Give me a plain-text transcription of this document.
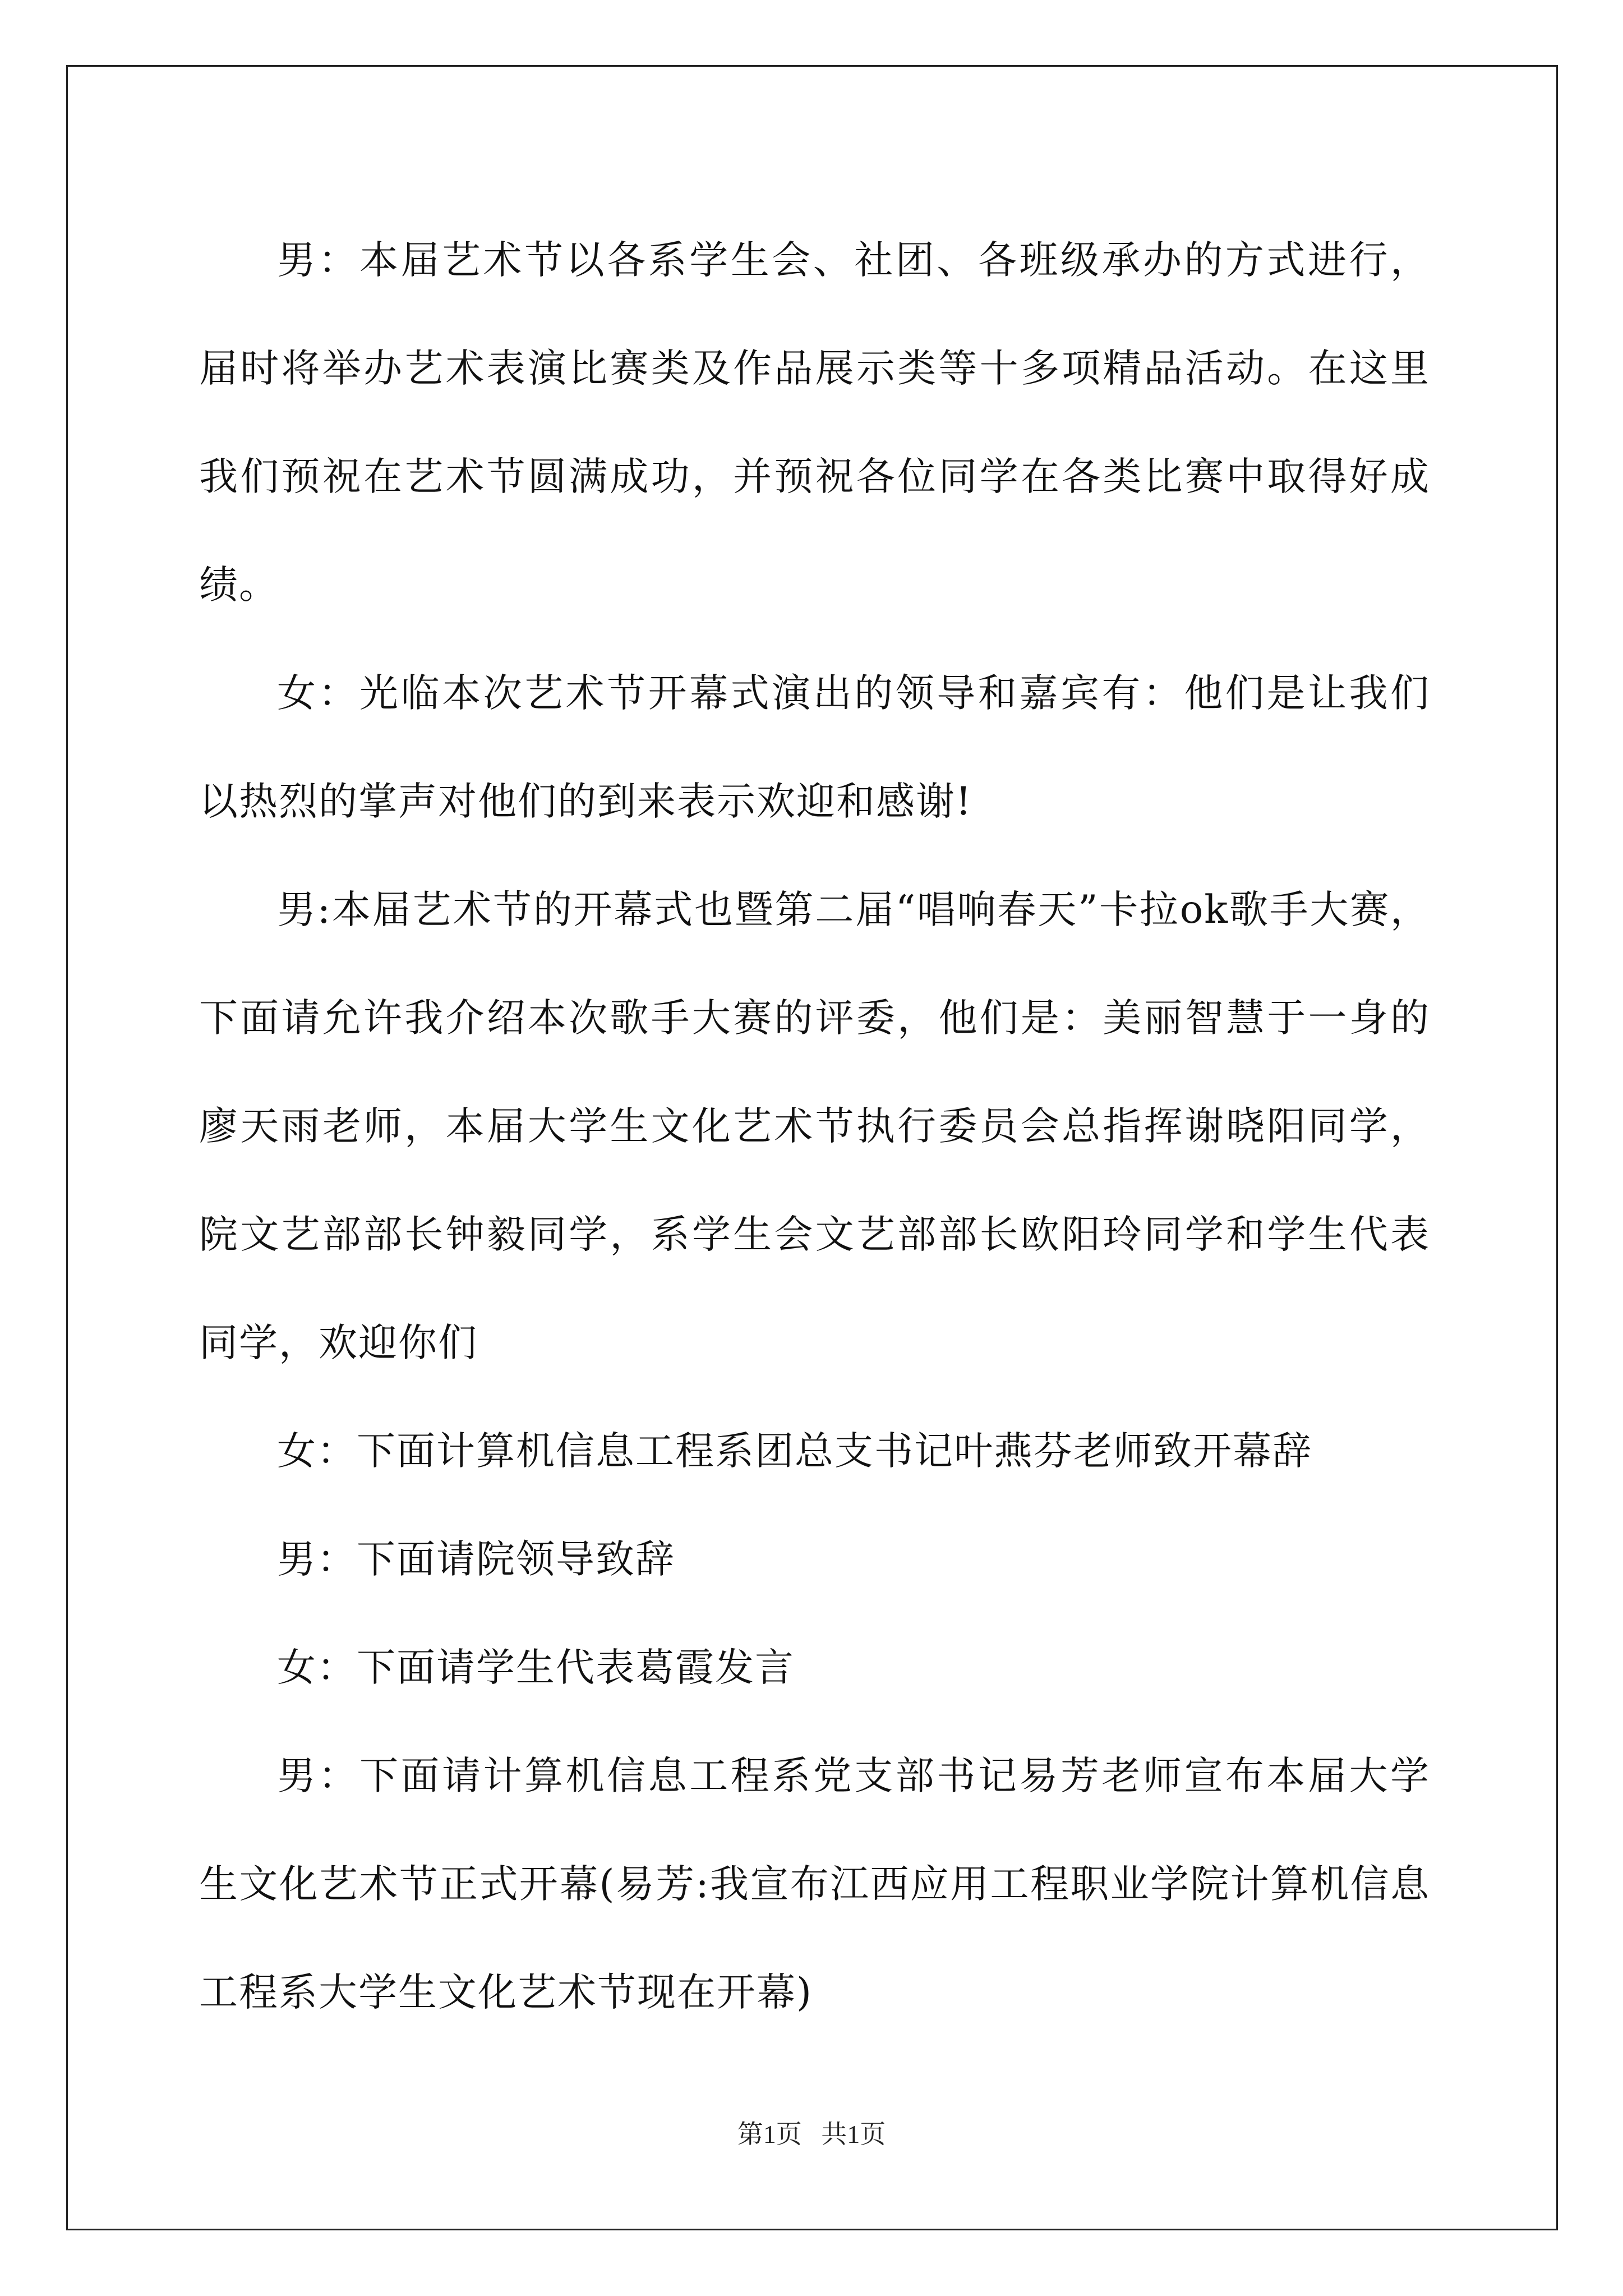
男：本届艺术节以各系学生会、社团、各班级承办的方式进行，届时将举办艺术表演比赛类及作品展示类等十多项精品活动。在这里我们预祝在艺术节圆满成功，并预祝各位同学在各类比赛中取得好成绩。

女：光临本次艺术节开幕式演出的领导和嘉宾有：他们是让我们以热烈的掌声对他们的到来表示欢迎和感谢!

男:本届艺术节的开幕式也暨第二届“唱响春天”卡拉ok歌手大赛，下面请允许我介绍本次歌手大赛的评委，他们是：美丽智慧于一身的廖天雨老师，本届大学生文化艺术节执行委员会总指挥谢晓阳同学，院文艺部部长钟毅同学，系学生会文艺部部长欧阳玲同学和学生代表同学，欢迎你们

女：下面计算机信息工程系团总支书记叶燕芬老师致开幕辞

男：下面请院领导致辞

女：下面请学生代表葛霞发言

男：下面请计算机信息工程系党支部书记易芳老师宣布本届大学生文化艺术节正式开幕(易芳:我宣布江西应用工程职业学院计算机信息工程系大学生文化艺术节现在开幕)

第1页   共1页
